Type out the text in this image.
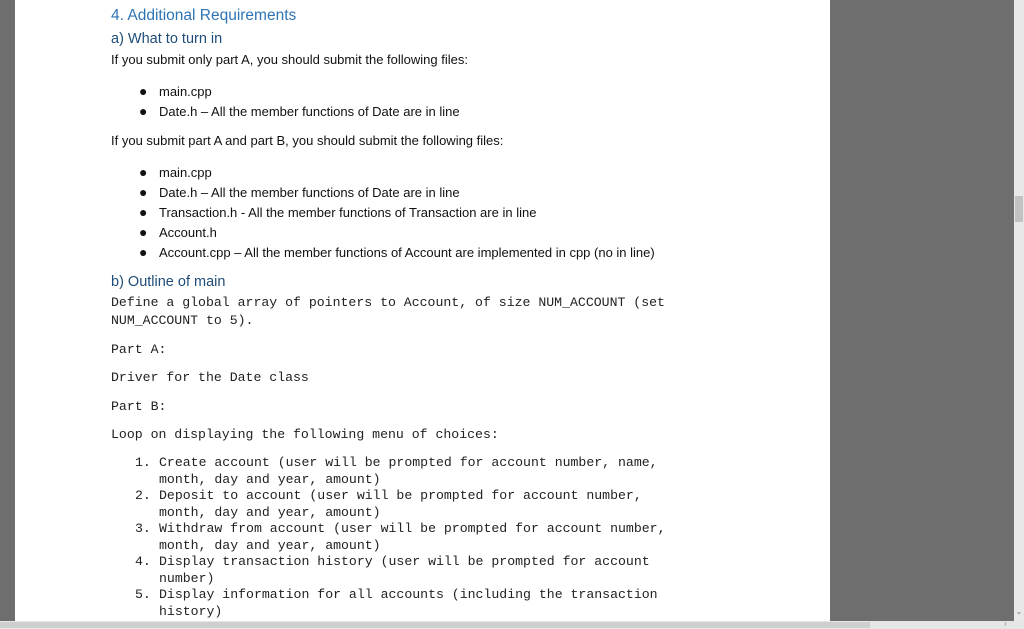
4. Additional Requirements
a) What to turn in
If you submit only part A, you should submit the following files:
● main.cpp
● Date.h – All the member functions of Date are in line
If you submit part A and part B, you should submit the following files:
● main.cpp
● Date.h – All the member functions of Date are in line
● Transaction.h - All the member functions of Transaction are in line
● Account.h
● Account.cpp – All the member functions of Account are implemented in cpp (no in line)
b) Outline of main
Define a global array of pointers to Account, of size NUM_ACCOUNT (set
NUM_ACCOUNT to 5).
Part A:
Driver for the Date class
Part B:
Loop on displaying the following menu of choices:
1. Create account (user will be prompted for account number, name,
month, day and year, amount)
2. Deposit to account (user will be prompted for account number,
month, day and year, amount)
3. Withdraw from account (user will be prompted for account number,
month, day and year, amount)
4. Display transaction history (user will be prompted for account
number)
5. Display information for all accounts (including the transaction
history)	⌄
›
